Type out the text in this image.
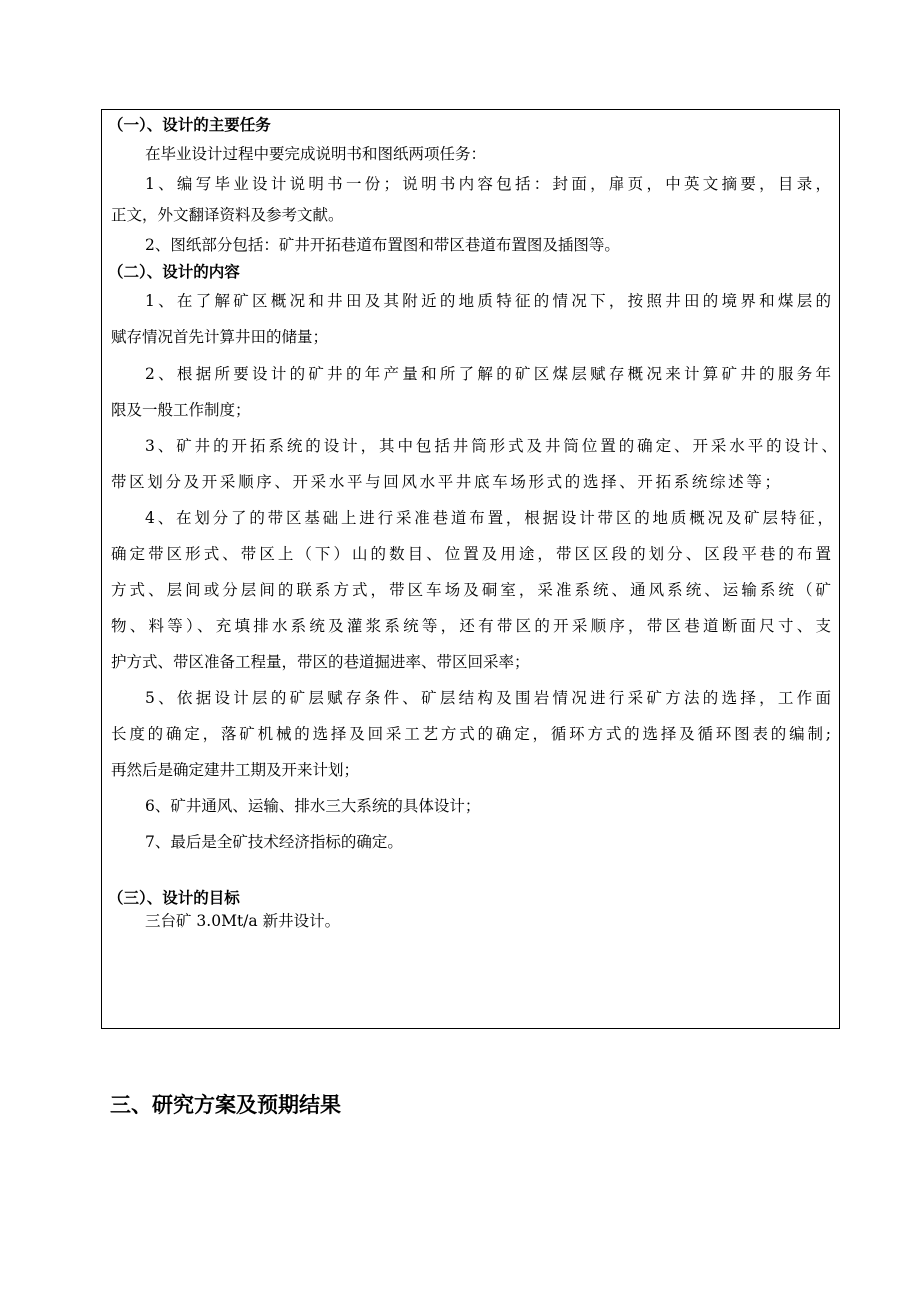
（一）、设计的主要任务
在毕业设计过程中要完成说明书和图纸两项任务：
1、编写毕业设计说明书一份；说明书内容包括：封面，扉页，中英文摘要，目录，
正文，外文翻译资料及参考文献。
2、图纸部分包括：矿井开拓巷道布置图和带区巷道布置图及插图等。
（二）、设计的内容
1、在了解矿区概况和井田及其附近的地质特征的情况下，按照井田的境界和煤层的
赋存情况首先计算井田的储量；
2、根据所要设计的矿井的年产量和所了解的矿区煤层赋存概况来计算矿井的服务年
限及一般工作制度；
3、矿井的开拓系统的设计，其中包括井筒形式及井筒位置的确定、开采水平的设计、
带区划分及开采顺序、开采水平与回风水平井底车场形式的选择、开拓系统综述等；
4、在划分了的带区基础上进行采准巷道布置，根据设计带区的地质概况及矿层特征，
确定带区形式、带区上（下）山的数目、位置及用途，带区区段的划分、区段平巷的布置
方式、层间或分层间的联系方式，带区车场及硐室，采准系统、通风系统、运输系统（矿
物、料等）、充填排水系统及灌浆系统等，还有带区的开采顺序，带区巷道断面尺寸、支
护方式、带区准备工程量，带区的巷道掘进率、带区回采率；
5、依据设计层的矿层赋存条件、矿层结构及围岩情况进行采矿方法的选择，工作面
长度的确定，落矿机械的选择及回采工艺方式的确定，循环方式的选择及循环图表的编制;
再然后是确定建井工期及开来计划；
6、矿井通风、运输、排水三大系统的具体设计；
7、最后是全矿技术经济指标的确定。
（三）、设计的目标
三台矿 3.0Mt/a 新井设计。
三、研究方案及预期结果
